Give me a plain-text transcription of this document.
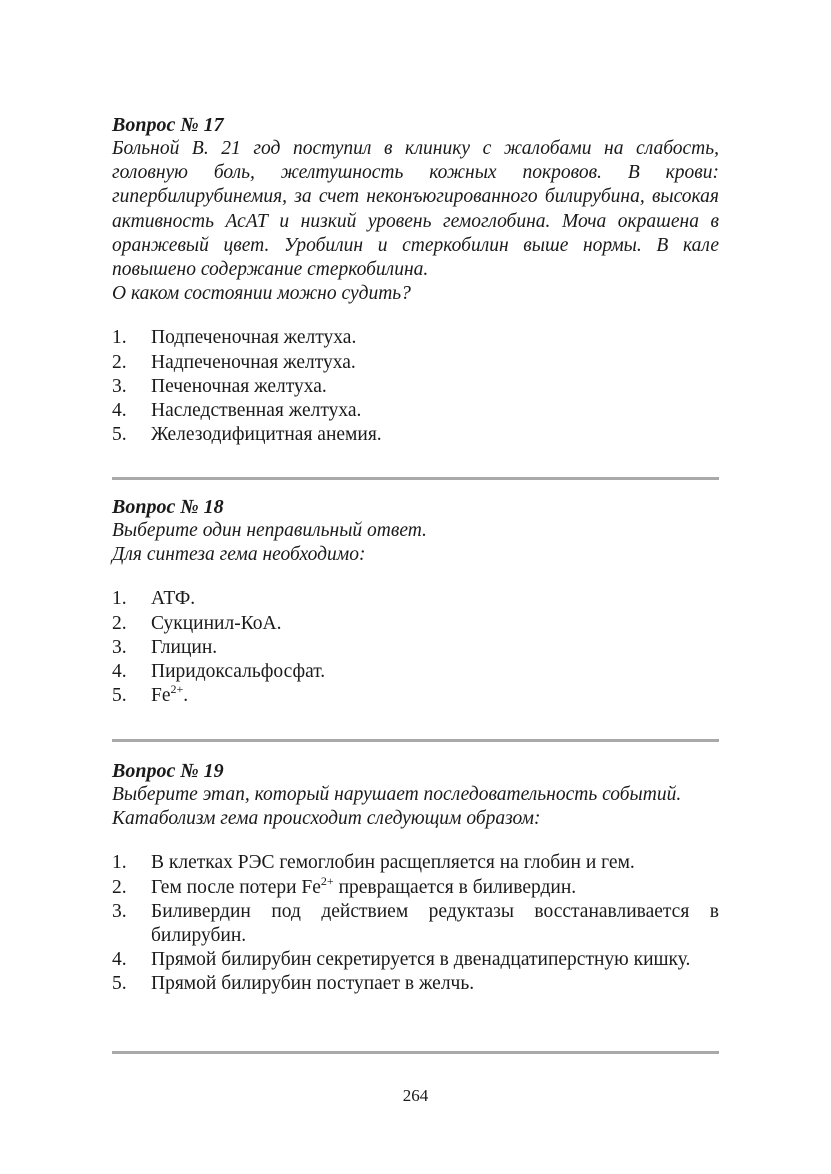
Вопрос № 17

Больной В. 21 год поступил в клинику с жалобами на слабость, головную боль, желтушность кожных покровов. В крови: гипербилирубинемия, за счет неконъюгированного билирубина, высокая активность АсАТ и низкий уровень гемоглобина. Моча окрашена в оранжевый цвет. Уробилин и стеркобилин выше нормы. В кале повышено содержание стеркобилина.

О каком состоянии можно судить?

1.	Подпеченочная желтуха.
2.	Надпеченочная желтуха.
3.	Печеночная желтуха.
4.	Наследственная желтуха.
5.	Железодифицитная анемия.
Вопрос № 18

Выберите один неправильный ответ.

Для синтеза гема необходимо:

1.	АТФ.
2.	Сукцинил-КоА.
3.	Глицин.
4.	Пиридоксальфосфат.
5.	$Fe^{2+}$.
Вопрос № 19

Выберите этап, который нарушает последовательность событий.

Катаболизм гема происходит следующим образом:

1.	В клетках РЭС гемоглобин расщепляется на глобин и гем.
2.	Гем после потери $Fe^{2+}$ превращается в биливердин.
3.	Биливердин под действием редуктазы восстанавливается в билирубин.
4.	Прямой билирубин секретируется в двенадцатиперстную кишку.
5.	Прямой билирубин поступает в желчь.
264
